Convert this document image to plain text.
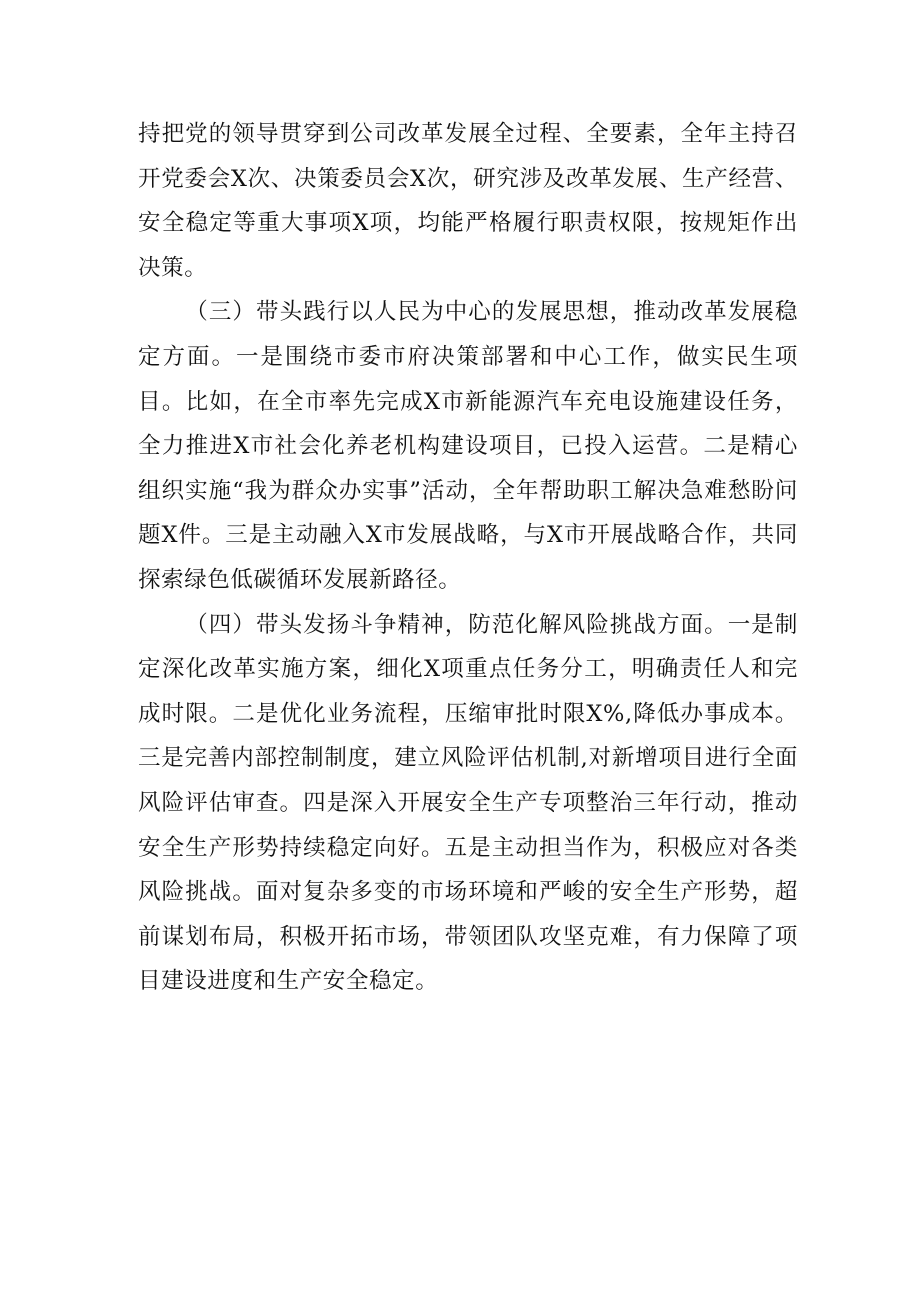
持把党的领导贯穿到公司改革发展全过程、全要素，全年主持召开党委会X次、决策委员会X次，研究涉及改革发展、生产经营、安全稳定等重大事项X项，均能严格履行职责权限，按规矩作出决策。

（三）带头践行以人民为中心的发展思想，推动改革发展稳定方面。一是围绕市委市府决策部署和中心工作，做实民生项目。比如，在全市率先完成X市新能源汽车充电设施建设任务，全力推进X市社会化养老机构建设项目，已投入运营。二是精心组织实施“我为群众办实事”活动，全年帮助职工解决急难愁盼问题X件。三是主动融入X市发展战略，与X市开展战略合作，共同探索绿色低碳循环发展新路径。

（四）带头发扬斗争精神，防范化解风险挑战方面。一是制定深化改革实施方案，细化X项重点任务分工，明确责任人和完成时限。二是优化业务流程，压缩审批时限X%,降低办事成本。三是完善内部控制制度，建立风险评估机制,对新增项目进行全面风险评估审查。四是深入开展安全生产专项整治三年行动，推动安全生产形势持续稳定向好。五是主动担当作为，积极应对各类风险挑战。面对复杂多变的市场环境和严峻的安全生产形势，超前谋划布局，积极开拓市场，带领团队攻坚克难，有力保障了项目建设进度和生产安全稳定。
